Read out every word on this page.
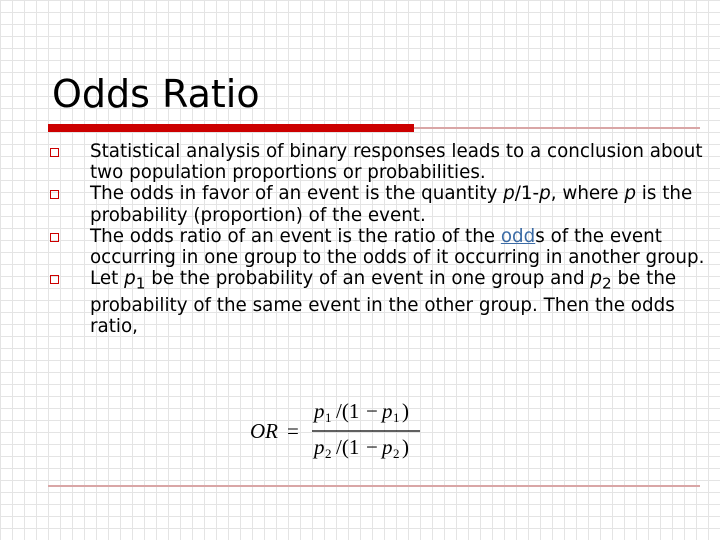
Odds Ratio
Statistical analysis of binary responses leads to a conclusion about two population proportions or probabilities.
The odds in favor of an event is the quantity p/1-p, where p is the probability (proportion) of the event.
The odds ratio of an event is the ratio of the odds of the event occurring in one group to the odds of it occurring in another group.
Let $p_1$ be the probability of an event in one group and $p_2$ be the probability of the same event in the other group. Then the odds ratio,
OR =
p 1 /(1 − p 1 )
p 2 /(1 − p 2 )
